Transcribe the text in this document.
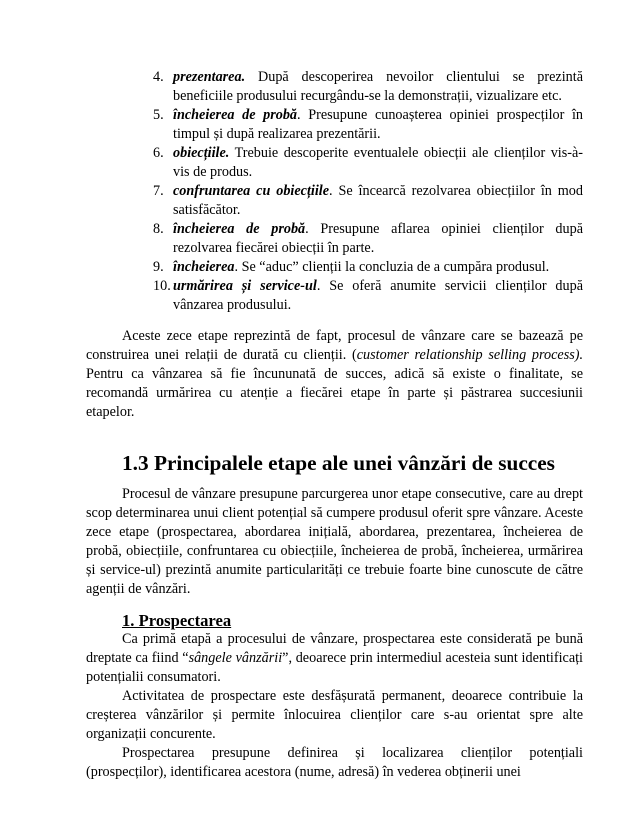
4. prezentarea. După descoperirea nevoilor clientului se prezintă beneficiile produsului recurgându-se la demonstrații, vizualizare etc.
5. încheierea de probă. Presupune cunoașterea opiniei prospecților în timpul și după realizarea prezentării.
6. obiecțiile. Trebuie descoperite eventualele obiecții ale clienților vis-à-vis de produs.
7. confruntarea cu obiecțiile. Se încearcă rezolvarea obiecțiilor în mod satisfăcător.
8. încheierea de probă. Presupune aflarea opiniei clienților după rezolvarea fiecărei obiecții în parte.
9. încheierea. Se “aduc” clienții la concluzia de a cumpăra produsul.
10. urmărirea și service-ul. Se oferă anumite servicii clienților după vânzarea produsului.

Aceste zece etape reprezintă de fapt, procesul de vânzare care se bazează pe construirea unei relații de durată cu clienții. (customer relationship selling process). Pentru ca vânzarea să fie încununată de succes, adică să existe o finalitate, se recomandă urmărirea cu atenție a fiecărei etape în parte și păstrarea succesiunii etapelor.

1.3 Principalele etape ale unei vânzări de succes

Procesul de vânzare presupune parcurgerea unor etape consecutive, care au drept scop determinarea unui client potențial să cumpere produsul oferit spre vânzare. Aceste zece etape (prospectarea, abordarea inițială, abordarea, prezentarea, încheierea de probă, obiecțiile, confruntarea cu obiecțiile, încheierea de probă, încheierea, urmărirea și service-ul) prezintă anumite particularități ce trebuie foarte bine cunoscute de către agenții de vânzări.

1. Prospectarea

Ca primă etapă a procesului de vânzare, prospectarea este considerată pe bună dreptate ca fiind “sângele vânzării”, deoarece prin intermediul acesteia sunt identificați potențialii consumatori.

Activitatea de prospectare este desfășurată permanent, deoarece contribuie la creșterea vânzărilor și permite înlocuirea clienților care s-au orientat spre alte organizații concurente.

Prospectarea presupune definirea și localizarea clienților potențiali (prospecților), identificarea acestora (nume, adresă) în vederea obținerii unei
